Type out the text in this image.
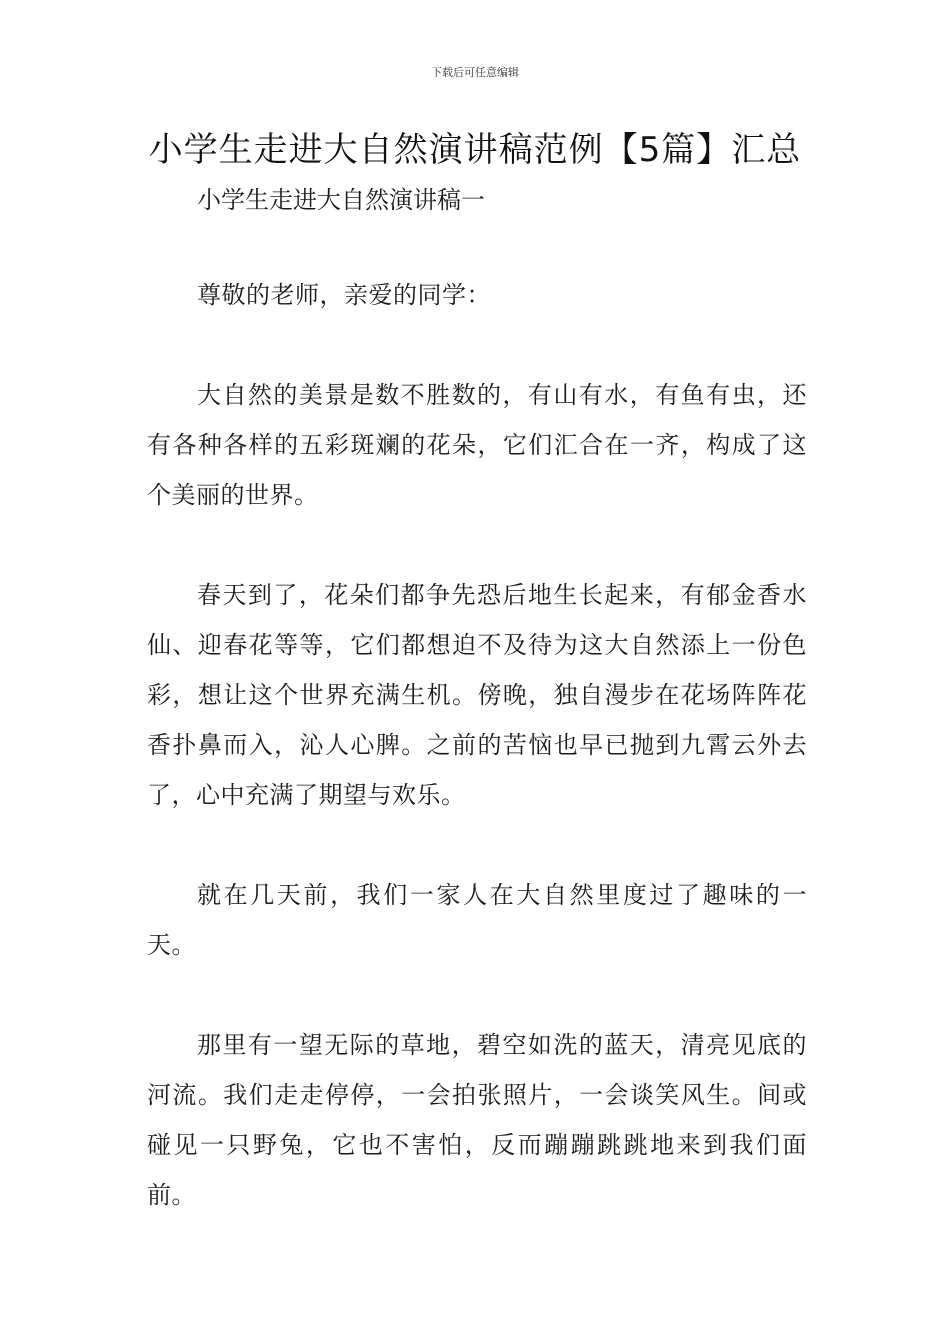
下载后可任意编辑
小学生走进大自然演讲稿范例【5篇】汇总

小学生走进大自然演讲稿一

尊敬的老师，亲爱的同学：

大自然的美景是数不胜数的，有山有水，有鱼有虫，还有各种各样的五彩斑斓的花朵，它们汇合在一齐，构成了这个美丽的世界。

春天到了，花朵们都争先恐后地生长起来，有郁金香水仙、迎春花等等，它们都想迫不及待为这大自然添上一份色彩，想让这个世界充满生机。傍晚，独自漫步在花场阵阵花香扑鼻而入，沁人心脾。之前的苦恼也早已抛到九霄云外去了，心中充满了期望与欢乐。

就在几天前，我们一家人在大自然里度过了趣味的一天。

那里有一望无际的草地，碧空如洗的蓝天，清亮见底的河流。我们走走停停，一会拍张照片，一会谈笑风生。间或碰见一只野兔，它也不害怕，反而蹦蹦跳跳地来到我们面前。
